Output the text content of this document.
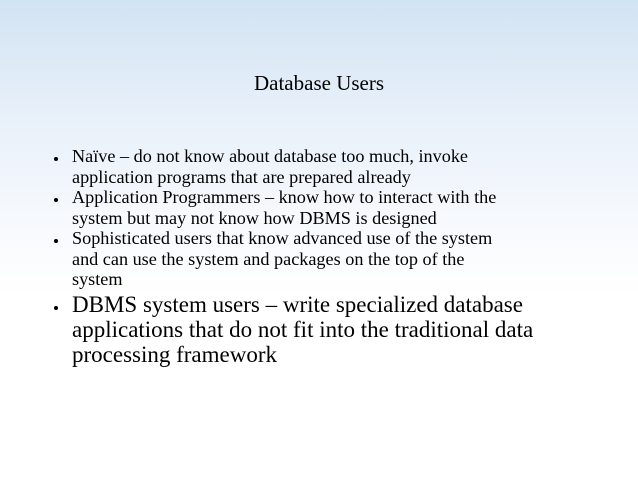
Database Users
Naïve – do not know about database too much, invoke
application programs that are prepared already
Application Programmers – know how to interact with the
system but may not know how DBMS is designed
Sophisticated users that know advanced use of the system
and can use the system and packages on the top of the
system
DBMS system users – write specialized database
applications that do not fit into the traditional data
processing framework
